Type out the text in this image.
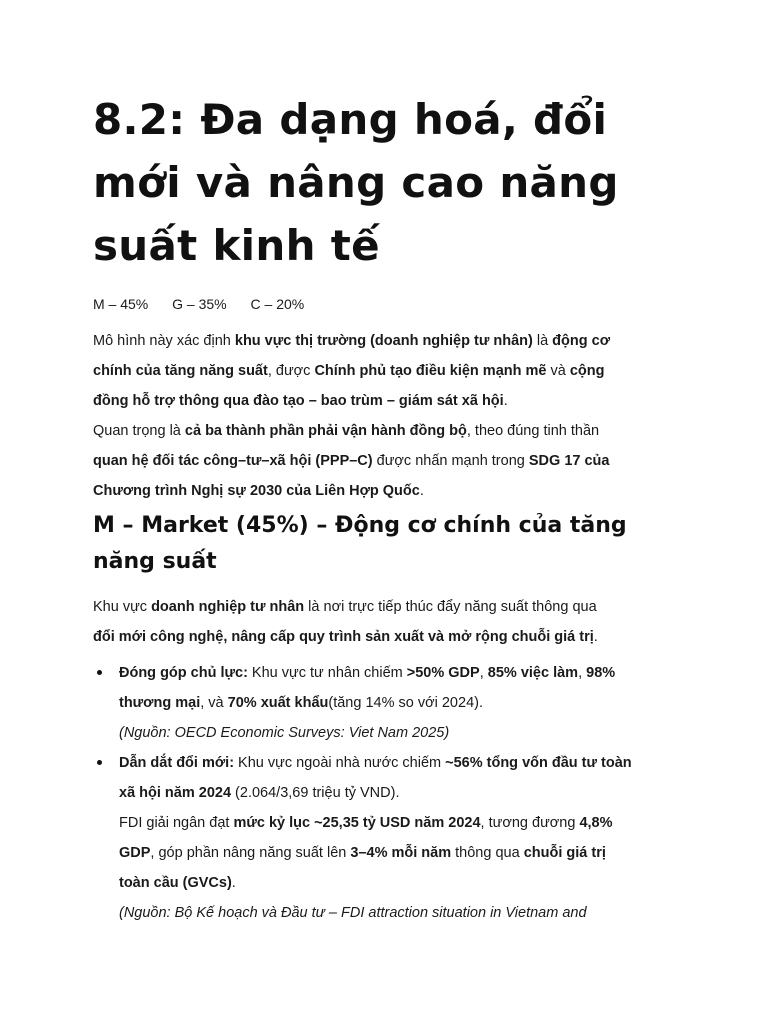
8.2: Đa dạng hoá, đổi
mới và nâng cao năng
suất kinh tế

M – 45% G – 35% C – 20%

Mô hình này xác định khu vực thị trường (doanh nghiệp tư nhân) là động cơ
chính của tăng năng suất, được Chính phủ tạo điều kiện mạnh mẽ và cộng
đồng hỗ trợ thông qua đào tạo – bao trùm – giám sát xã hội.
Quan trọng là cả ba thành phần phải vận hành đồng bộ, theo đúng tinh thần
quan hệ đối tác công–tư–xã hội (PPP–C) được nhấn mạnh trong SDG 17 của
Chương trình Nghị sự 2030 của Liên Hợp Quốc.

M – Market (45%) – Động cơ chính của tăng
năng suất

Khu vực doanh nghiệp tư nhân là nơi trực tiếp thúc đẩy năng suất thông qua
đổi mới công nghệ, nâng cấp quy trình sản xuất và mở rộng chuỗi giá trị.

Đóng góp chủ lực: Khu vực tư nhân chiếm >50% GDP, 85% việc làm, 98%
thương mại, và 70% xuất khẩu(tăng 14% so với 2024).
(Nguồn: OECD Economic Surveys: Viet Nam 2025)
Dẫn dắt đổi mới: Khu vực ngoài nhà nước chiếm ~56% tổng vốn đầu tư toàn
xã hội năm 2024 (2.064/3,69 triệu tỷ VND).
FDI giải ngân đạt mức kỷ lục ~25,35 tỷ USD năm 2024, tương đương 4,8%
GDP, góp phần nâng năng suất lên 3–4% mỗi năm thông qua chuỗi giá trị
toàn cầu (GVCs).
(Nguồn: Bộ Kế hoạch và Đầu tư – FDI attraction situation in Vietnam and
